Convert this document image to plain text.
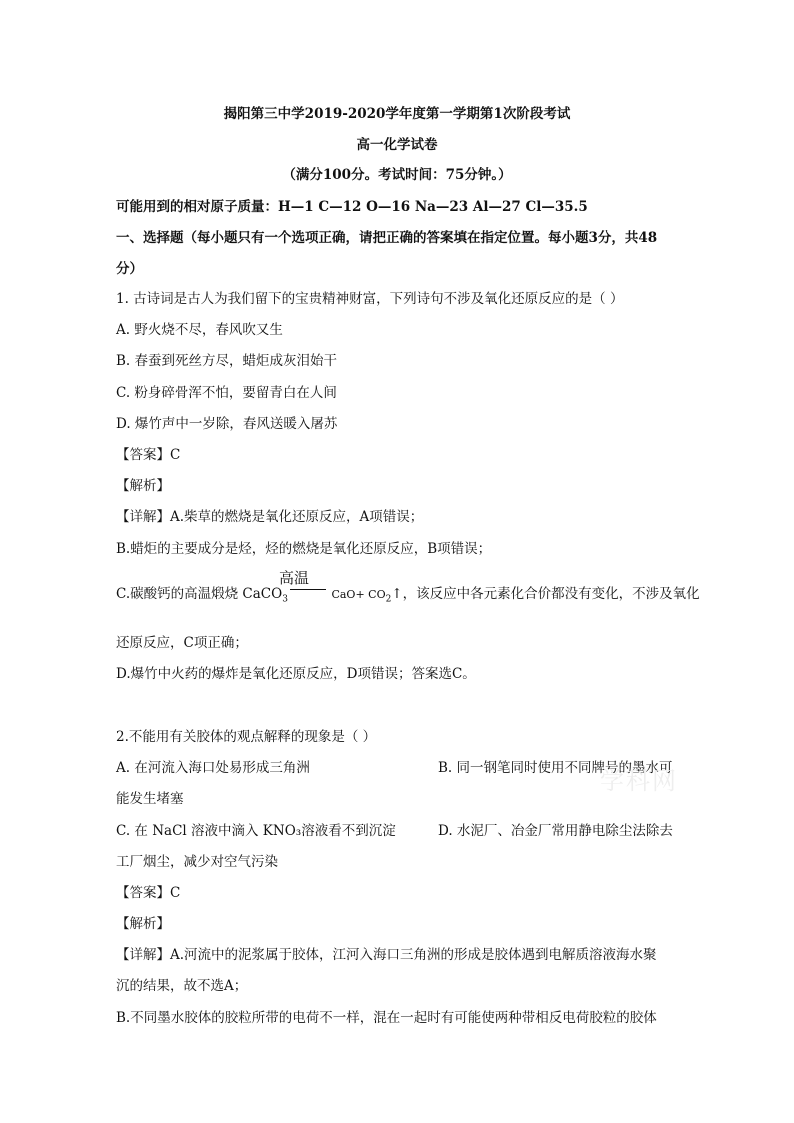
揭阳第三中学2019-2020学年度第一学期第1次阶段考试
高一化学试卷
（满分100分。考试时间：75分钟。）
可能用到的相对原子质量：H—1 C—12 O—16 Na—23 Al—27 Cl—35.5
一、选择题（每小题只有一个选项正确，请把正确的答案填在指定位置。每小题3分，共48
分）
1. 古诗词是古人为我们留下的宝贵精神财富，下列诗句不涉及氧化还原反应的是（ ）
A. 野火烧不尽，春风吹又生
B. 春蚕到死丝方尽，蜡炬成灰泪始干
C. 粉身碎骨浑不怕，要留青白在人间
D. 爆竹声中一岁除，春风送暖入屠苏
【答案】C
【解析】
【详解】A.柴草的燃烧是氧化还原反应，A项错误；
B.蜡炬的主要成分是烃，烃的燃烧是氧化还原反应，B项错误；
高温
C.碳酸钙的高温煅烧 CaCO$_3$	$CaO+ CO_2↑$，该反应中各元素化合价都没有变化，不涉及氧化
还原反应，C项正确；
D.爆竹中火药的爆炸是氧化还原反应，D项错误；答案选C。
2.不能用有关胶体的观点解释的现象是（ ）
A. 在河流入海口处易形成三角洲	B. 同一钢笔同时使用不同牌号的墨水可
能发生堵塞
C. 在 NaCl 溶液中滴入 KNO₃溶液看不到沉淀	D. 水泥厂、冶金厂常用静电除尘法除去
工厂烟尘，减少对空气污染
【答案】C
【解析】
【详解】A.河流中的泥浆属于胶体，江河入海口三角洲的形成是胶体遇到电解质溶液海水聚
沉的结果，故不选A；
B.不同墨水胶体的胶粒所带的电荷不一样，混在一起时有可能使两种带相反电荷胶粒的胶体
学科网
